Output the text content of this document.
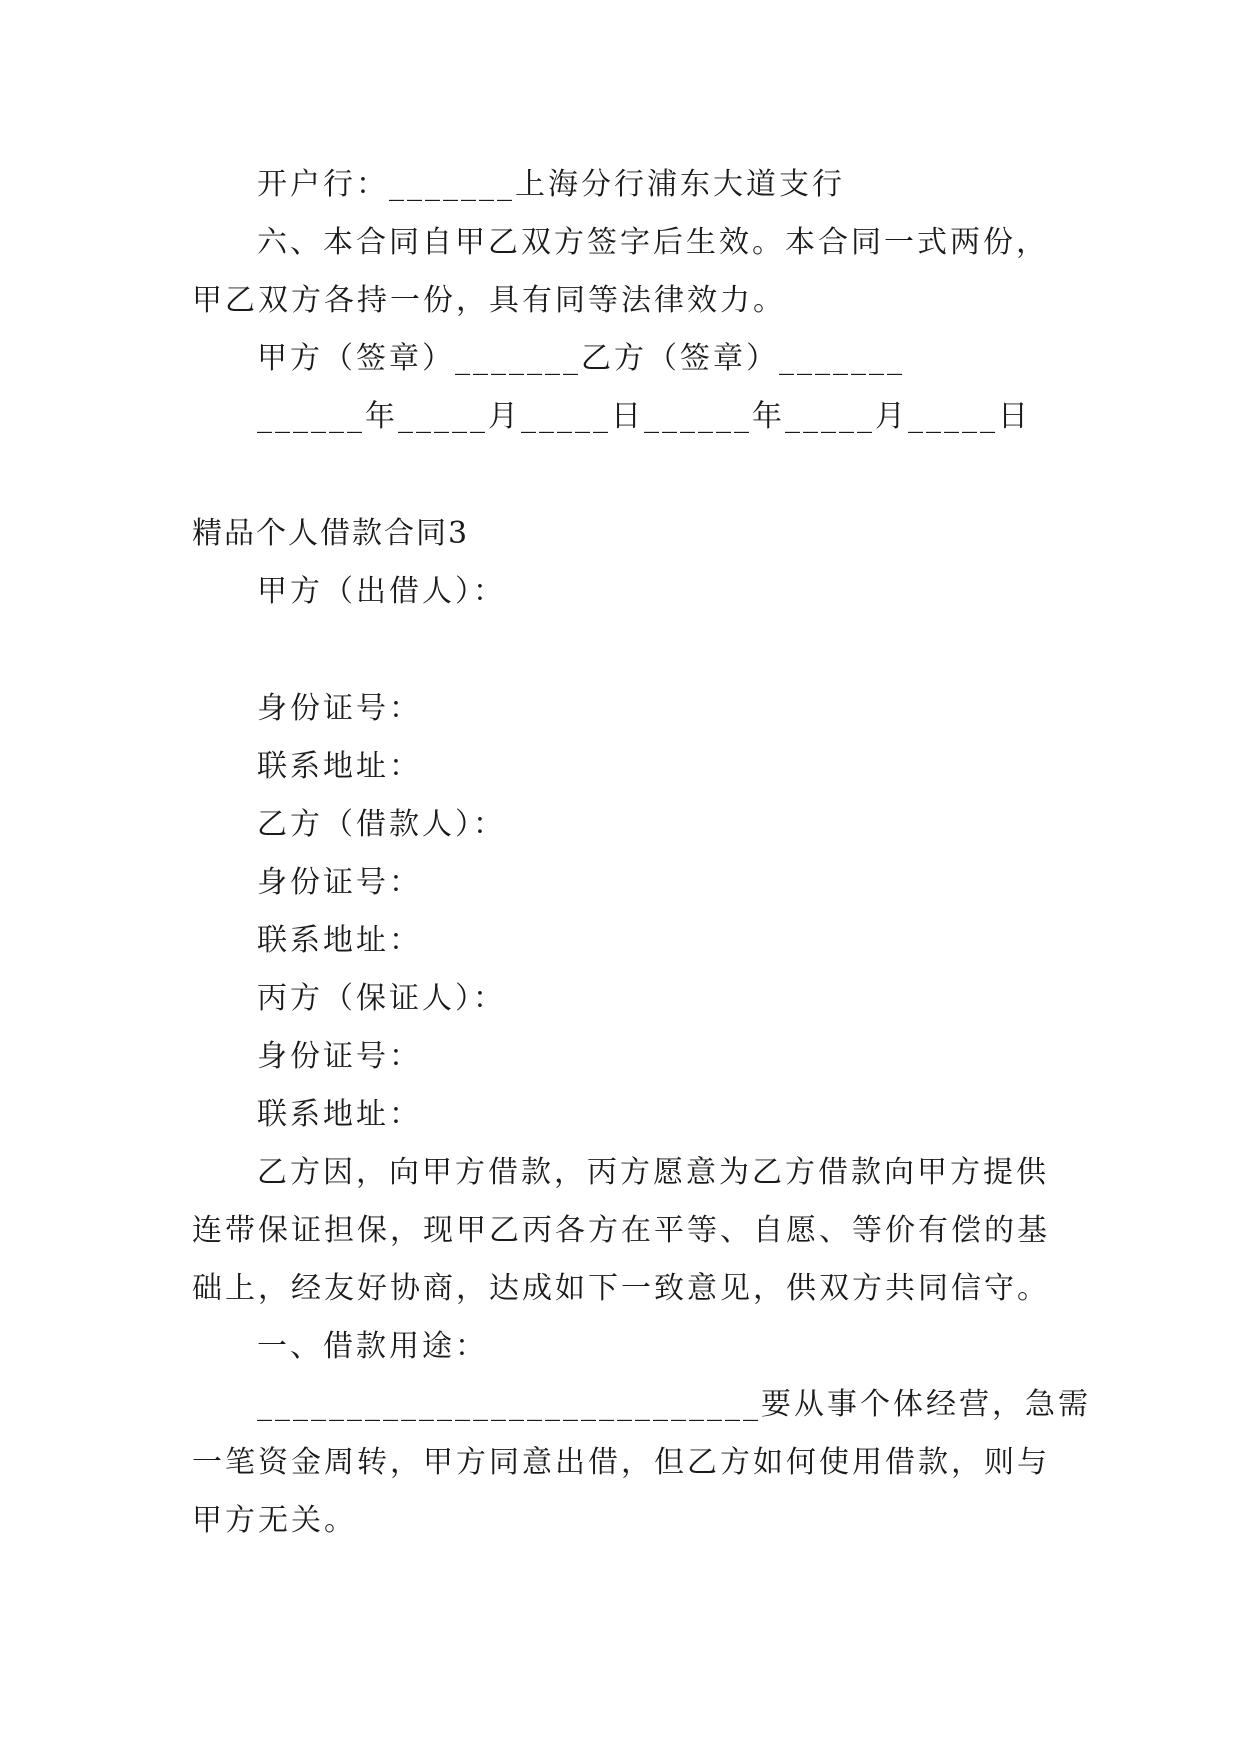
开户行：_______上海分行浦东大道支行
六、本合同自甲乙双方签字后生效。本合同一式两份，
甲乙双方各持一份，具有同等法律效力。
甲方（签章）_______乙方（签章）_______
______年_____月_____日______年_____月_____日
精品个人借款合同3
甲方（出借人）：
身份证号：
联系地址：
乙方（借款人）：
身份证号：
联系地址：
丙方（保证人）：
身份证号：
联系地址：
乙方因，向甲方借款，丙方愿意为乙方借款向甲方提供
连带保证担保，现甲乙丙各方在平等、自愿、等价有偿的基
础上，经友好协商，达成如下一致意见，供双方共同信守。
一、借款用途：
____________________________要从事个体经营，急需
一笔资金周转，甲方同意出借，但乙方如何使用借款，则与
甲方无关。
